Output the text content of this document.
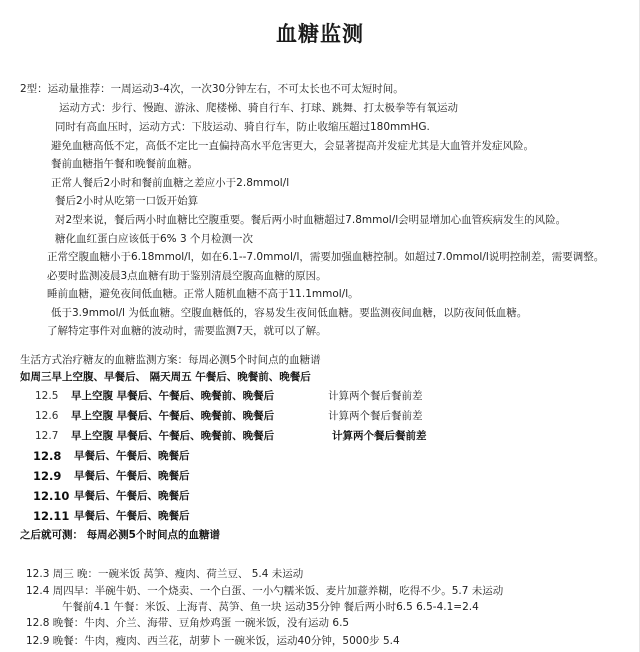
血糖监测
2型：运动量推荐：一周运动3-4次，一次30分钟左右，不可太长也不可太短时间。
运动方式：步行、慢跑、游泳、爬楼梯、骑自行车、打球、跳舞、打太极拳等有氧运动
同时有高血压时，运动方式：下肢运动、骑自行车，防止收缩压超过180mmHG.
避免血糖高低不定，高低不定比一直偏持高水平危害更大，会显著提高并发症尤其是大血管并发症风险。
餐前血糖指午餐和晚餐前血糖。
正常人餐后2小时和餐前血糖之差应小于2.8mmol/l
餐后2小时从吃第一口饭开始算
对2型来说，餐后两小时血糖比空腹重要。餐后两小时血糖超过7.8mmol/l会明显增加心血管疾病发生的风险。
糖化血红蛋白应该低于6% 3 个月检测一次
正常空腹血糖小于6.18mmol/l，如在6.1--7.0mmol/l，需要加强血糖控制。如超过7.0mmol/l说明控制差，需要调整。
必要时监测凌晨3点血糖有助于鉴别清晨空腹高血糖的原因。
睡前血糖，避免夜间低血糖。正常人随机血糖不高于11.1mmol/l。
低于3.9mmol/l 为低血糖。空腹血糖低的，容易发生夜间低血糖。要监测夜间血糖，以防夜间低血糖。
了解特定事件对血糖的波动时，需要监测7天，就可以了解。
生活方式治疗糖友的血糖监测方案：每周必测5个时间点的血糖谱
如周三早上空腹、早餐后、 隔天周五 午餐后、晚餐前、晚餐后
12.5 早上空腹 早餐后、午餐后、晚餐前、晚餐后	计算两个餐后餐前差
12.6 早上空腹 早餐后、午餐后、晚餐前、晚餐后	计算两个餐后餐前差
12.7 早上空腹 早餐后、午餐后、晚餐前、晚餐后	计算两个餐后餐前差
12.8 早餐后、午餐后、晚餐后
12.9 早餐后、午餐后、晚餐后
12.10 早餐后、午餐后、晚餐后
12.11 早餐后、午餐后、晚餐后
之后就可测： 每周必测5个时间点的血糖谱
12.3 周三 晚：一碗米饭 莴笋、瘦肉、荷兰豆、 5.4 未运动
12.4 周四早：半碗牛奶、一个烧卖、一个白蛋、一小勺糯米饭、麦片加薏养糊，吃得不少。5.7 未运动
午餐前4.1 午餐：米饭、上海青、莴笋、鱼一块 运动35分钟 餐后两小时6.5 6.5-4.1=2.4
12.8 晚餐：牛肉、介兰、海带、豆角炒鸡蛋 一碗米饭，没有运动 6.5
12.9 晚餐：牛肉，瘦肉、西兰花，胡萝卜 一碗米饭，运动40分钟，5000步 5.4
